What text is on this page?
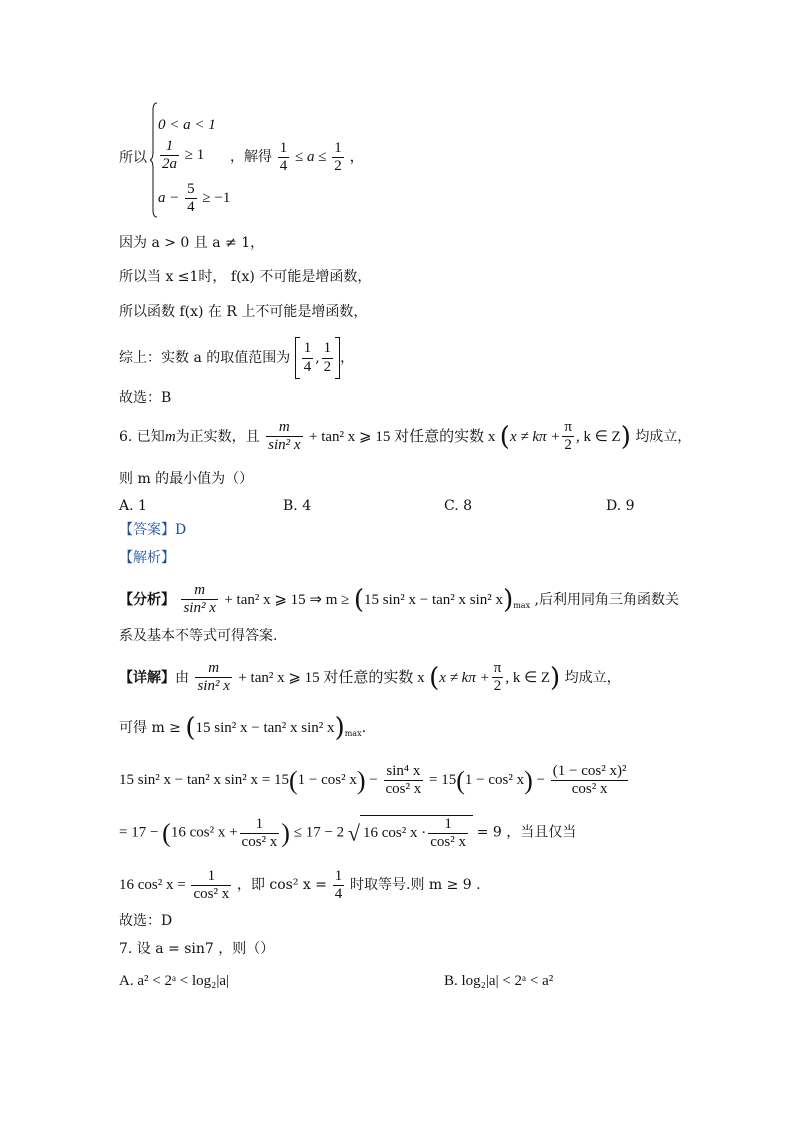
所以
0 < a < 1
$\frac{1}{2a} \ge 1$
$a - \frac{5}{4} \ge -1$
，解得 $\frac{1}{4} \le a \le \frac{1}{2}$ ，
因为 a > 0 且 a ≠ 1，
所以当 x ≤1时， f(x) 不可能是增函数，
所以函数 f(x) 在 R 上不可能是增函数，
综上：实数 a 的取值范围为 $\frac{1}{4}$ , $\frac{1}{2}$ ，
故选：B
6. 已知m为正实数，且 $\frac{m}{\text{sin² x}} + \tan^2$ x ⩾ 15 对任意的实数 x ($x \ne k\pi + \frac{\pi}{2}$ , k ∈ Z) 均成立，
则 m 的最小值为（）
A. 1	B. 4	C. 8	D. 9
【答案】D
【解析】
【分析】 $\frac{m}{\text{sin² x}} + \tan^2$ x ⩾ 15 ⇒ m ≥ (15 sin² x − tan² x sin² $x)_{max}$ ,后利用同角三角函数关
系及基本不等式可得答案.
【详解】由 $\frac{m}{\text{sin² x}} + \tan^2$ x ⩾ 15 对任意的实数 x ($x \ne k\pi + \frac{\pi}{2}$ , k ∈ Z) 均成立，
可得 m ≥ (15 sin² x − tan² x sin² $x)_{max}$.
15 sin² x − tan² x sin² x = 15(1 − cos² $x) - \frac{\text{sin⁴ x}}{\text{cos² x}} = 15(1 - \cos^2$ $x) - \frac{\text{(1 − cos² x)²}}{\text{cos² x}}$
= 17 − (16 cos² $x + \frac{1}{\text{cos² x}}$ ) ≤ 17 − 2 √ 16 cos² $x \cdot \frac{1}{\text{cos² x}} = 9$ ，当且仅当
16 cos² $x = \frac{1}{\text{cos² x}}$ ，即 cos² $x = \frac{1}{4}$ 时取等号.则 m ≥ 9 .
故选：D
7. 设 a = sin7 ，则（）
A. a² < 2ᵃ < log₂|a|	B. log₂|a| < 2ᵃ < a²
